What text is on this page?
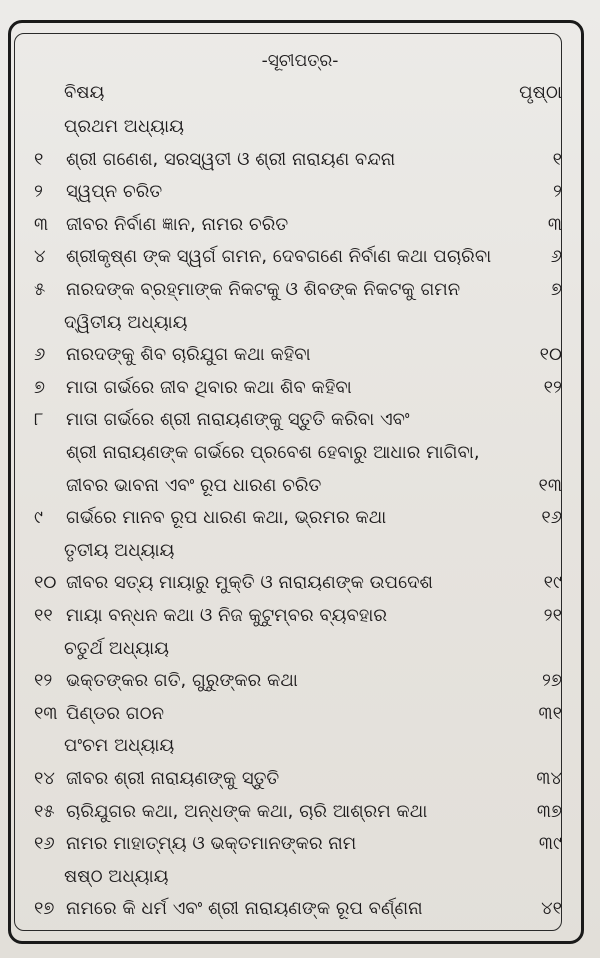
-ସୂଚୀପତ୍ର-
ବିଷୟ	ପୃଷ୍ଠା
ପ୍ରଥମ ଅଧ୍ୟାୟ
୧	ଶ୍ରୀ ଗଣେଶ, ସରସ୍ୱତୀ ଓ ଶ୍ରୀ ନାରାୟଣ ବନ୍ଦନା	୧
୨	ସ୍ୱପ୍ନ ଚରିତ	୨
୩ ଜୀବର ନିର୍ବାଣ ଜ୍ଞାନ, ନାମର ଚରିତ	୩
୪	ଶ୍ରୀକୃଷ୍ଣ ଙ୍କ ସ୍ୱର୍ଗ ଗମନ, ଦେବଗଣେ ନିର୍ବାଣ କଥା ପଚାରିବା	୬
୫	ନାରଦଙ୍କ ବ୍ରହ୍ମାଙ୍କ ନିକଟକୁ ଓ ଶିବଙ୍କ ନିକଟକୁ ଗମନ	୭
ଦ୍ୱିତୀୟ ଅଧ୍ୟାୟ
୬	ନାରଦଙ୍କୁ ଶିବ ଚାରିଯୁଗ କଥା କହିବା	୧୦
୭	ମାତା ଗର୍ଭରେ ଜୀବ ଥିବାର କଥା ଶିବ କହିବା	୧୨
୮	ମାତା ଗର୍ଭରେ ଶ୍ରୀ ନାରାୟଣଙ୍କୁ ସ୍ତୁତି କରିବା ଏବଂ
ଶ୍ରୀ ନାରାୟଣଙ୍କ ଗର୍ଭରେ ପ୍ରବେଶ ହେବାରୁ ଆଧାର ମାଗିବା,
ଜୀବର ଭାବନା ଏବଂ ରୂପ ଧାରଣ ଚରିତ	୧୩
୯	ଗର୍ଭରେ ମାନବ ରୂପ ଧାରଣ କଥା, ଭ୍ରମର କଥା	୧୬
ତୃତୀୟ ଅଧ୍ୟାୟ
୧୦ ଜୀବର ସତ୍ୟ ମାୟାରୁ ମୁକ୍ତି ଓ ନାରାୟଣଙ୍କ ଉପଦେଶ	୧୯
୧୧ ମାୟା ବନ୍ଧନ କଥା ଓ ନିଜ କୁଟୁମ୍ବର ବ୍ୟବହାର	୨୧
ଚତୁର୍ଥ ଅଧ୍ୟାୟ
୧୨ ଭକ୍ତଙ୍କର ଗତି, ଗୁରୁଙ୍କର କଥା	୨୭
୧୩ ପିଣ୍ଡର ଗଠନ	୩୧
ପଂଚମ ଅଧ୍ୟାୟ
୧୪ ଜୀବର ଶ୍ରୀ ନାରାୟଣଙ୍କୁ ସ୍ତୁତି	୩୪
୧୫ ଚାରିଯୁଗର କଥା, ଅନ୍ଧଙ୍କ କଥା, ଚାରି ଆଶ୍ରମ କଥା	୩୭
୧୬ ନାମର ମାହାତ୍ମ୍ୟ ଓ ଭକ୍ତମାନଙ୍କର ନାମ	୩୯
ଷଷ୍ଠ ଅଧ୍ୟାୟ
୧୭ ନାମରେ କି ଧର୍ମ ଏବଂ ଶ୍ରୀ ନାରାୟଣଙ୍କ ରୂପ ବର୍ଣ୍ଣନା	୪୧
